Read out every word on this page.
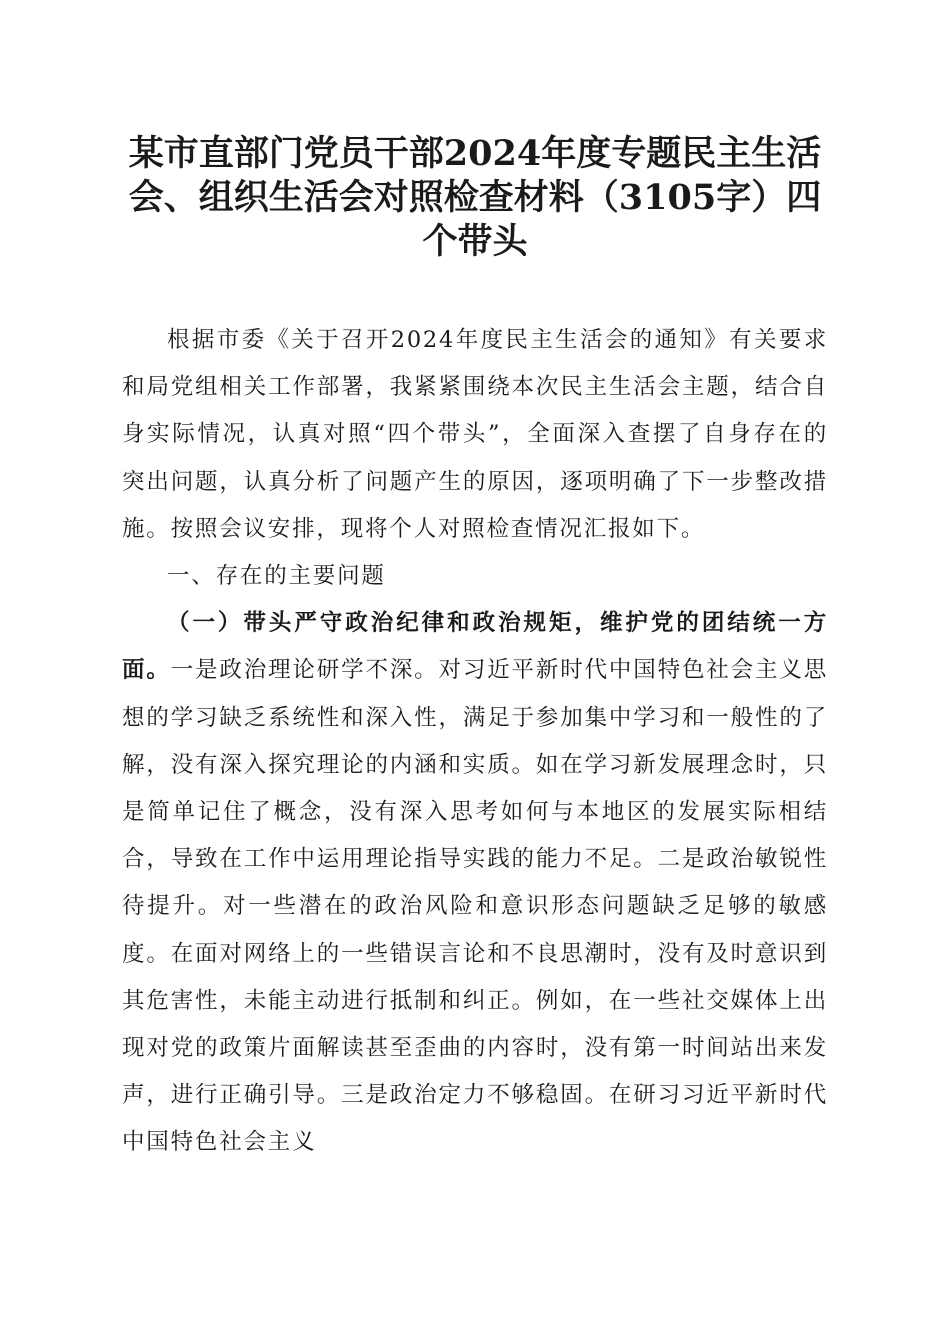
某市直部门党员干部2024年度专题民主生活会、组织生活会对照检查材料（3105字）四个带头

根据市委《关于召开2024年度民主生活会的通知》有关要求和局党组相关工作部署，我紧紧围绕本次民主生活会主题，结合自身实际情况，认真对照“四个带头”，全面深入查摆了自身存在的突出问题，认真分析了问题产生的原因，逐项明确了下一步整改措施。按照会议安排，现将个人对照检查情况汇报如下。

一、存在的主要问题

（一）带头严守政治纪律和政治规矩，维护党的团结统一方面。一是政治理论研学不深。对习近平新时代中国特色社会主义思想的学习缺乏系统性和深入性，满足于参加集中学习和一般性的了解，没有深入探究理论的内涵和实质。如在学习新发展理念时，只是简单记住了概念，没有深入思考如何与本地区的发展实际相结合，导致在工作中运用理论指导实践的能力不足。二是政治敏锐性待提升。对一些潜在的政治风险和意识形态问题缺乏足够的敏感度。在面对网络上的一些错误言论和不良思潮时，没有及时意识到其危害性，未能主动进行抵制和纠正。例如，在一些社交媒体上出现对党的政策片面解读甚至歪曲的内容时，没有第一时间站出来发声，进行正确引导。三是政治定力不够稳固。在研习习近平新时代中国特色社会主义
